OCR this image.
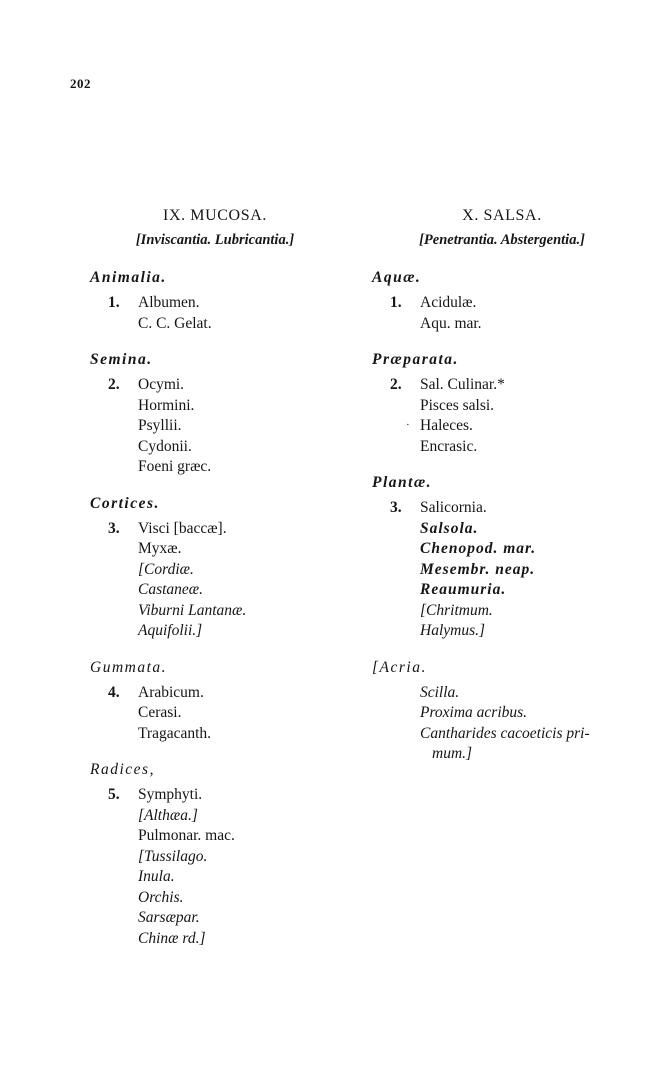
202
IX. MUCOSA.
[Inviscantia. Lubricantia.]
Animalia.
1. Albumen.
C. C. Gelat.
Semina.
2. Ocymi.
Hormini.
Psyllii.
Cydonii.
Foeni græc.
Cortices.
3. Visci [baccæ].
Myxæ.
[Cordiæ.
Castaneæ.
Viburni Lantanæ.
Aquifolii.]
Gummata.
4. Arabicum.
Cerasi.
Tragacanth.
Radices,
5. Symphyti.
[Althæa.]
Pulmonar. mac.
[Tussilago.
Inula.
Orchis.
Sarsæpar.
Chinæ rd.]
X. SALSA.
[Penetrantia. Abstergentia.]
Aquæ.
1. Acidulæ.
Aqu. mar.
Præparata.
2. Sal. Culinar.*
Pisces salsi.
· Haleces.
Encrasic.
Plantæ.
3. Salicornia.
Salsola.
Chenopod. mar.
Mesembr. neap.
Reaumuria.
[Chritmum.
Halymus.]
[Acria.
Scilla.
Proxima acribus.
Cantharides cacoeticis pri-
mum.]
